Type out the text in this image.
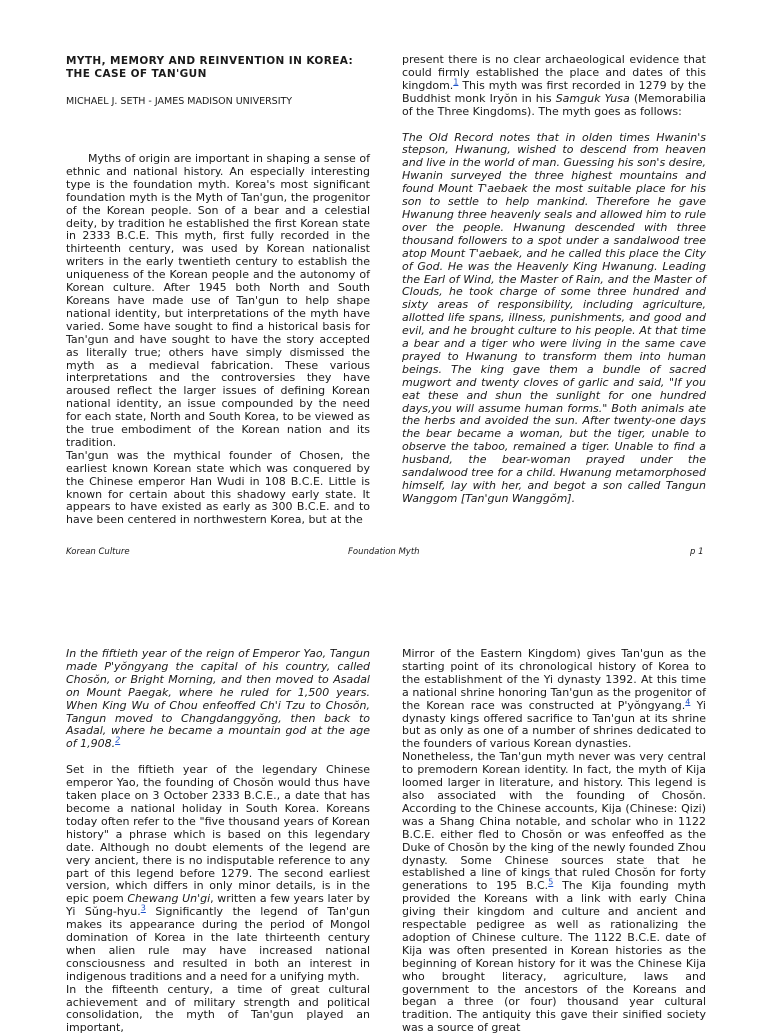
MYTH, MEMORY AND REINVENTION IN KOREA:

THE CASE OF TAN'GUN

MICHAEL J. SETH - JAMES MADISON UNIVERSITY

Myths of origin are important in shaping a sense of ethnic and national history. An especially interesting type is the foundation myth. Korea's most significant foundation myth is the Myth of Tan'gun, the progenitor of the Korean people. Son of a bear and a celestial deity, by tradition he established the first Korean state in 2333 B.C.E. This myth, first fully recorded in the thirteenth century, was used by Korean nationalist writers in the early twentieth century to establish the uniqueness of the Korean people and the autonomy of Korean culture. After 1945 both North and South Koreans have made use of Tan'gun to help shape national identity, but interpretations of the myth have varied. Some have sought to find a historical basis for Tan'gun and have sought to have the story accepted as literally true; others have simply dismissed the myth as a medieval fabrication. These various interpretations and the controversies they have aroused reflect the larger issues of defining Korean national identity, an issue compounded by the need for each state, North and South Korea, to be viewed as the true embodiment of the Korean nation and its tradition.

Tan'gun was the mythical founder of Chosen, the earliest known Korean state which was conquered by the Chinese emperor Han Wudi in 108 B.C.E. Little is known for certain about this shadowy early state. It appears to have existed as early as 300 B.C.E. and to have been centered in northwestern Korea, but at the

present there is no clear archaeological evidence that could firmly established the place and dates of this kingdom.$^1$ This myth was first recorded in 1279 by the Buddhist monk Iryŏn in his Samguk Yusa (Memorabilia of the Three Kingdoms). The myth goes as follows:

The Old Record notes that in olden times Hwanin's stepson, Hwanung, wished to descend from heaven and live in the world of man. Guessing his son's desire, Hwanin surveyed the three highest mountains and found Mount T'aebaek the most suitable place for his son to settle to help mankind. Therefore he gave Hwanung three heavenly seals and allowed him to rule over the people. Hwanung descended with three thousand followers to a spot under a sandalwood tree atop Mount T'aebaek, and he called this place the City of God. He was the Heavenly King Hwanung. Leading the Earl of Wind, the Master of Rain, and the Master of Clouds, he took charge of some three hundred and sixty areas of responsibility, including agriculture, allotted life spans, illness, punishments, and good and evil, and he brought culture to his people. At that time a bear and a tiger who were living in the same cave prayed to Hwanung to transform them into human beings. The king gave them a bundle of sacred mugwort and twenty cloves of garlic and said, "If you eat these and shun the sunlight for one hundred days,you will assume human forms." Both animals ate the herbs and avoided the sun. After twenty-one days the bear became a woman, but the tiger, unable to observe the taboo, remained a tiger. Unable to find a husband, the bear-woman prayed under the sandalwood tree for a child. Hwanung metamorphosed himself, lay with her, and begot a son called Tangun Wanggom [Tan'gun Wanggŏm].

Korean Culture	Foundation Myth	p 1

In the fiftieth year of the reign of Emperor Yao, Tangun made P'yŏngyang the capital of his country, called Chosŏn, or Bright Morning, and then moved to Asadal on Mount Paegak, where he ruled for 1,500 years. When King Wu of Chou enfeoffed Ch'i Tzu to Chosŏn, Tangun moved to Changdanggyŏng, then back to Asadal, where he became a mountain god at the age of 1,908.$^2$

Set in the fiftieth year of the legendary Chinese emperor Yao, the founding of Chosŏn would thus have taken place on 3 October 2333 B.C.E., a date that has become a national holiday in South Korea. Koreans today often refer to the "five thousand years of Korean history" a phrase which is based on this legendary date. Although no doubt elements of the legend are very ancient, there is no indisputable reference to any part of this legend before 1279. The second earliest version, which differs in only minor details, is in the epic poem Chewang Un'gi, written a few years later by Yi Sŭng-hyu.$^3$ Significantly the legend of Tan'gun makes its appearance during the period of Mongol domination of Korea in the late thirteenth century when alien rule may have increased national consciousness and resulted in both an interest in indigenous traditions and a need for a unifying myth.

In the fifteenth century, a time of great cultural achievement and of military strength and political consolidation, the myth of Tan'gun played an important,

Mirror of the Eastern Kingdom) gives Tan'gun as the starting point of its chronological history of Korea to the establishment of the Yi dynasty 1392. At this time a national shrine honoring Tan'gun as the progenitor of the Korean race was constructed at P'yŏngyang.$^4$ Yi dynasty kings offered sacrifice to Tan'gun at its shrine but as only as one of a number of shrines dedicated to the founders of various Korean dynasties.

Nonetheless, the Tan'gun myth never was very central to premodern Korean identity. In fact, the myth of Kija loomed larger in literature, and history. This legend is also associated with the founding of Chosŏn. According to the Chinese accounts, Kija (Chinese: Qizi) was a Shang China notable, and scholar who in 1122 B.C.E. either fled to Chosŏn or was enfeoffed as the Duke of Chosŏn by the king of the newly founded Zhou dynasty. Some Chinese sources state that he established a line of kings that ruled Chosŏn for forty generations to 195 B.C.$^5$ The Kija founding myth provided the Koreans with a link with early China giving their kingdom and culture and ancient and respectable pedigree as well as rationalizing the adoption of Chinese culture. The 1122 B.C.E. date of Kija was often presented in Korean histories as the beginning of Korean history for it was the Chinese Kija who brought literacy, agriculture, laws and government to the ancestors of the Koreans and began a three (or four) thousand year cultural tradition. The antiquity this gave their sinified society was a source of great
